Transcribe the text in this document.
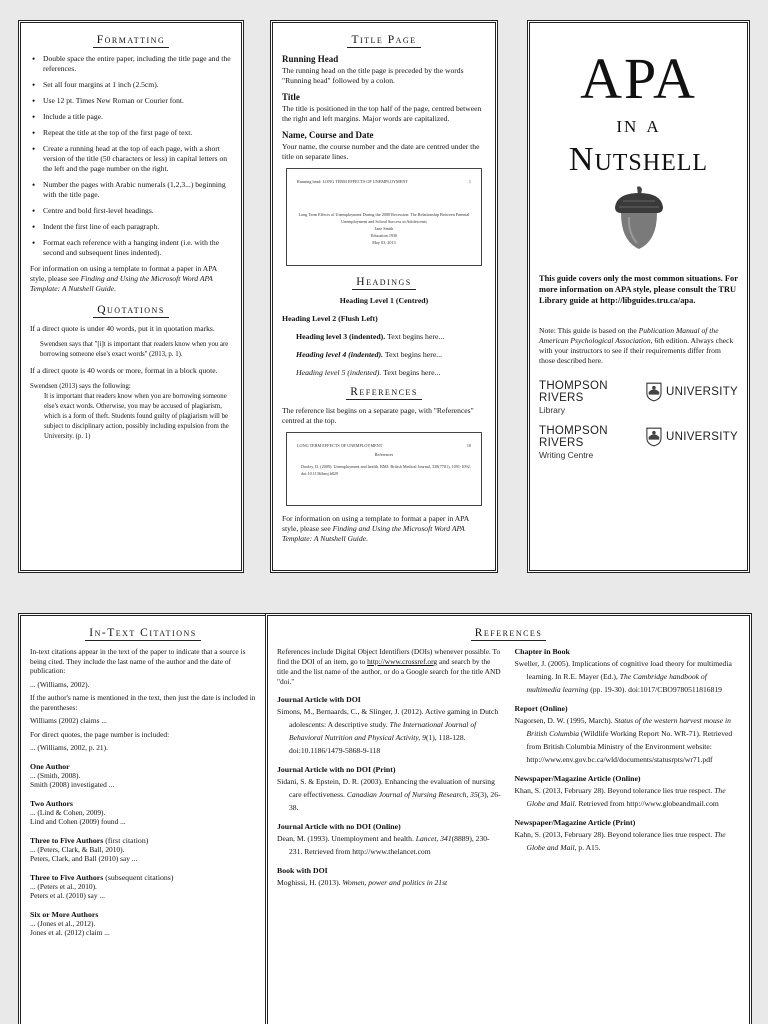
Formatting
• Double space the entire paper, including the title page and the references.
• Set all four margins at 1 inch (2.5cm).
• Use 12 pt. Times New Roman or Courier font.
• Include a title page.
• Repeat the title at the top of the first page of text.
• Create a running head at the top of each page, with a short version of the title (50 characters or less) in capital letters on the left and the page number on the right.
• Number the pages with Arabic numerals (1,2,3...) beginning with the title page.
• Centre and bold first-level headings.
• Indent the first line of each paragraph.
• Format each reference with a hanging indent (i.e. with the second and subsequent lines indented).

For information on using a template to format a paper in APA style, please see Finding and Using the Microsoft Word APA Template: A Nutshell Guide.

Quotations

If a direct quote is under 40 words, put it in quotation marks.

Swendsen says that "[i]t is important that readers know when you are borrowing someone else's exact words" (2013, p. 1).

If a direct quote is 40 words or more, format in a block quote.

Swendsen (2013) says the following:

It is important that readers know when you are borrowing someone else's exact words. Otherwise, you may be accused of plagiarism, which is a form of theft. Students found guilty of plagiarism will be subject to disciplinary action, possibly including expulsion from the University. (p. 1)

Title Page
Running Head

The running head on the title page is preceded by the words "Running head" followed by a colon.

Title

The title is positioned in the top half of the page, centred between the right and left margins. Major words are capitalized.

Name, Course and Date

Your name, the course number and the date are centred under the title on separate lines.

Running head: LONG TERM EFFECTS OF UNEMPLOYMENT	1
Long Term Effects of Unemployment During the 2008 Recession: The Relationship Between Parental Unemployment and School Success in Adolescents
Jane Smith
Education 1930
May 03, 2013
Headings

Heading Level 1 (Centred)

Heading Level 2 (Flush Left)

Heading level 3 (indented). Text begins here...

Heading level 4 (indented). Text begins here...

Heading level 5 (indented). Text begins here...

References

The reference list begins on a separate page, with "References" centred at the top.

LONG TERM EFFECTS OF UNEMPLOYMENT	10
References
Dooley, D. (2009). Unemployment and health. BMJ: British Medical Journal, 338(7701), 1091-1092. doi:10.1136/bmj.b829

For information on using a template to format a paper in APA style, please see Finding and Using the Microsoft Word APA Template: A Nutshell Guide.

APA
in a
Nutshell

This guide covers only the most common situations. For more information on APA style, please consult the TRU Library guide at http://libguides.tru.ca/apa.

Note: This guide is based on the Publication Manual of the American Psychological Association, 6th edition. Always check with your instructors to see if their requirements differ from those described here.

THOMPSON RIVERS	UNIVERSITY
Library
THOMPSON RIVERS	UNIVERSITY
Writing Centre
In-Text Citations

In-text citations appear in the text of the paper to indicate that a source is being cited. They include the last name of the author and the date of publication:

... (Williams, 2002).

If the author's name is mentioned in the text, then just the date is included in the parentheses:

Williams (2002) claims ...

For direct quotes, the page number is included:

... (Williams, 2002, p. 21).

One Author

... (Smith, 2008).

Smith (2008) investigated ...

Two Authors

... (Lind & Cohen, 2009).

Lind and Cohen (2009) found ...

Three to Five Authors (first citation)

... (Peters, Clark, & Ball, 2010).

Peters, Clark, and Ball (2010) say ...

Three to Five Authors (subsequent citations)

... (Peters et al., 2010).

Peters et al. (2010) say ...

Six or More Authors

... (Jones et al., 2012).

Jones et al. (2012) claim ...

References

References include Digital Object Identifiers (DOIs) whenever possible. To find the DOI of an item, go to http://www.crossref.org and search by the title and the list name of the author, or do a Google search for the title AND "doi."

Journal Article with DOI

Simons, M., Bernaards, C., & Slinger, J. (2012). Active gaming in Dutch adolescents: A descriptive study. The International Journal of Behavioral Nutrition and Physical Activity, 9(1), 118-128. doi:10.1186/1479-5868-9-118

Journal Article with no DOI (Print)

Sidani, S. & Epstein, D. R. (2003). Enhancing the evaluation of nursing care effectiveness. Canadian Journal of Nursing Research, 35(3), 26-38.

Journal Article with no DOI (Online)

Dean, M. (1993). Unemployment and health. Lancet, 341(8889), 230-231. Retrieved from http://www.thelancet.com

Book with DOI

Moghissi, H. (2013). Women, power and politics in 21st

Chapter in Book

Sweller, J. (2005). Implications of cognitive load theory for multimedia learning. In R.E. Mayer (Ed.), The Cambridge handbook of multimedia learning (pp. 19-30). doi:1017/CBO9780511816819

Report (Online)

Nagorsen, D. W. (1995, March). Status of the western harvest mouse in British Columbia (Wildlife Working Report No. WR-71). Retrieved from British Columbia Ministry of the Environment website: http://www.env.gov.bc.ca/wld/documents/statusrpts/wr71.pdf

Newspaper/Magazine Article (Online)

Khan, S. (2013, February 28). Beyond tolerance lies true respect. The Globe and Mail. Retrieved from http://www.globeandmail.com

Newspaper/Magazine Article (Print)

Kahn, S. (2013, February 28). Beyond tolerance lies true respect. The Globe and Mail, p. A15.
